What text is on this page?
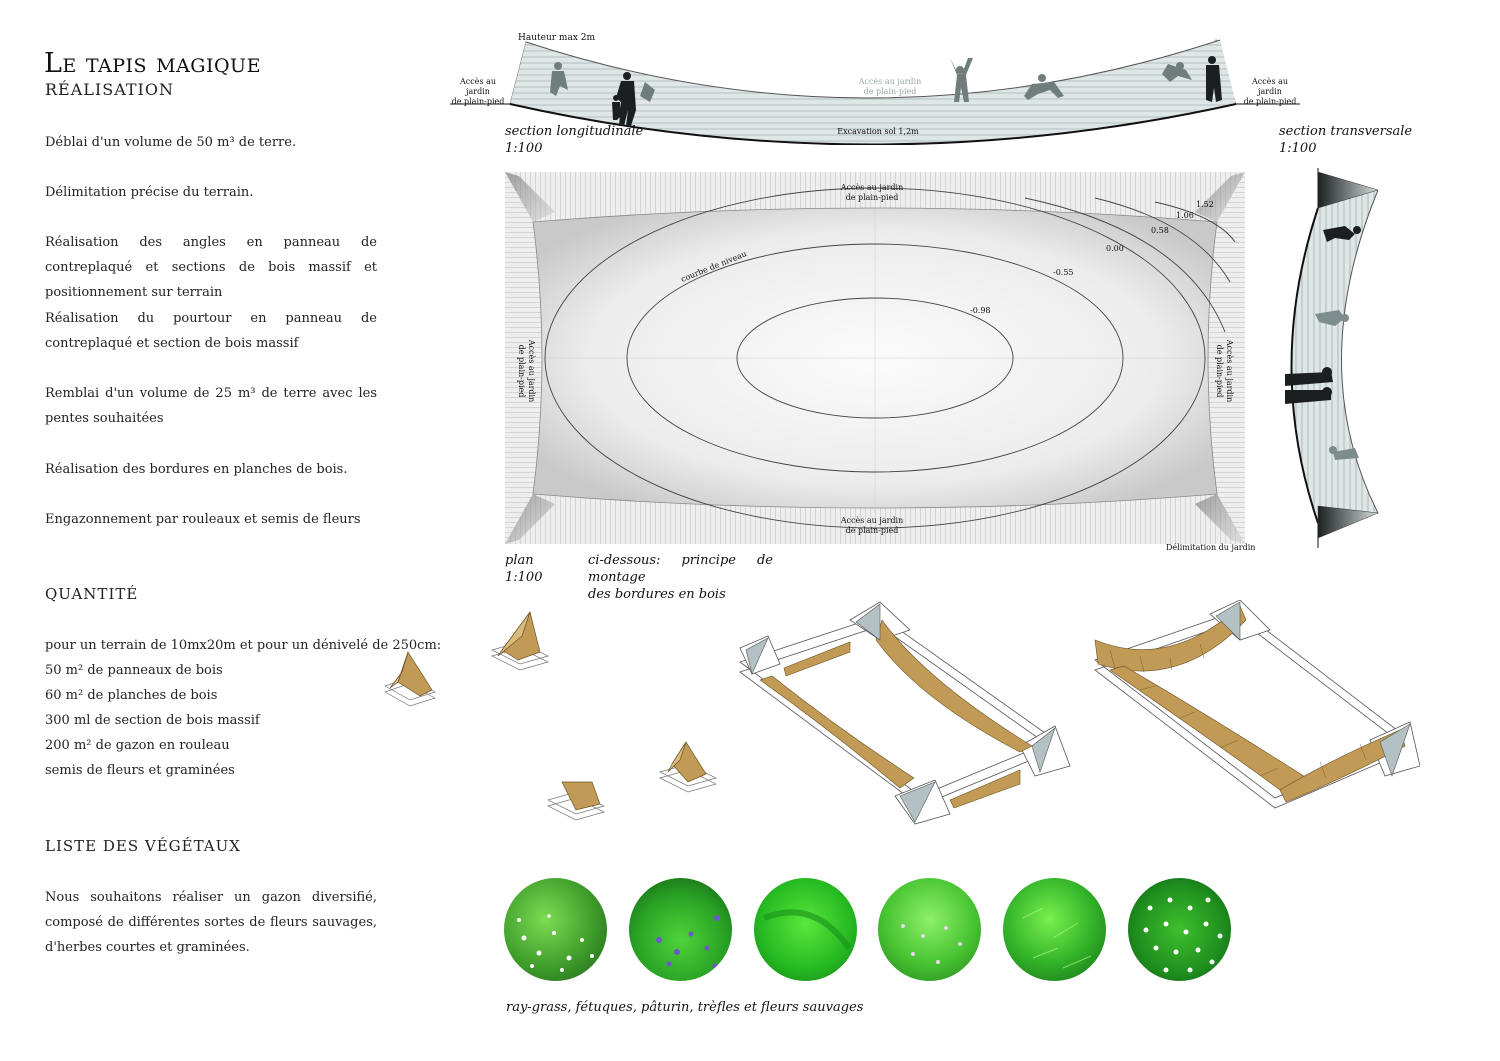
Le tapis magique
RÉALISATION
Déblai d'un volume de 50 m³ de terre.
Délimitation précise du terrain.
Réalisation des angles en panneau de contreplaqué et sections de bois massif et positionnement sur terrain
Réalisation du pourtour en panneau de contreplaqué et section de bois massif
Remblai d'un volume de 25 m³ de terre avec les pentes souhaitées
Réalisation des bordures en planches de bois.
Engazonnement par rouleaux et semis de fleurs
QUANTITÉ
pour un terrain de 10mx20m et pour un dénivelé de 250cm:
50 m² de panneaux de bois
60 m² de planches de bois
300 ml de section de bois massif
200 m² de gazon en rouleau
semis de fleurs et graminées
LISTE DES VÉGÉTAUX
Nous souhaitons réaliser un gazon diversifié, composé de différentes sortes de fleurs sauvages, d'herbes courtes et graminées.
Hauteur max 2m
Accès au jardin
de plain-pied
Accès au jardin
de plain-pied
Accès au jardin
de plain-pied
Excavation sol 1,2m
section longitudinale
1:100
section transversale
1:100
Accès au jardin
de plain-pied
Accès au jardin
de plain-pied
Accès au jardin
de plain-pied	Accès au jardin
de plain-pied
courbe de niveau
1.52
1.06
0.58
0.00
-0.55
-0.98
Délimitation du jardin
plan
1:100
ci-dessous: principe de montage
des bordures en bois
ray-grass, fétuques, pâturin, trèfles et fleurs sauvages
